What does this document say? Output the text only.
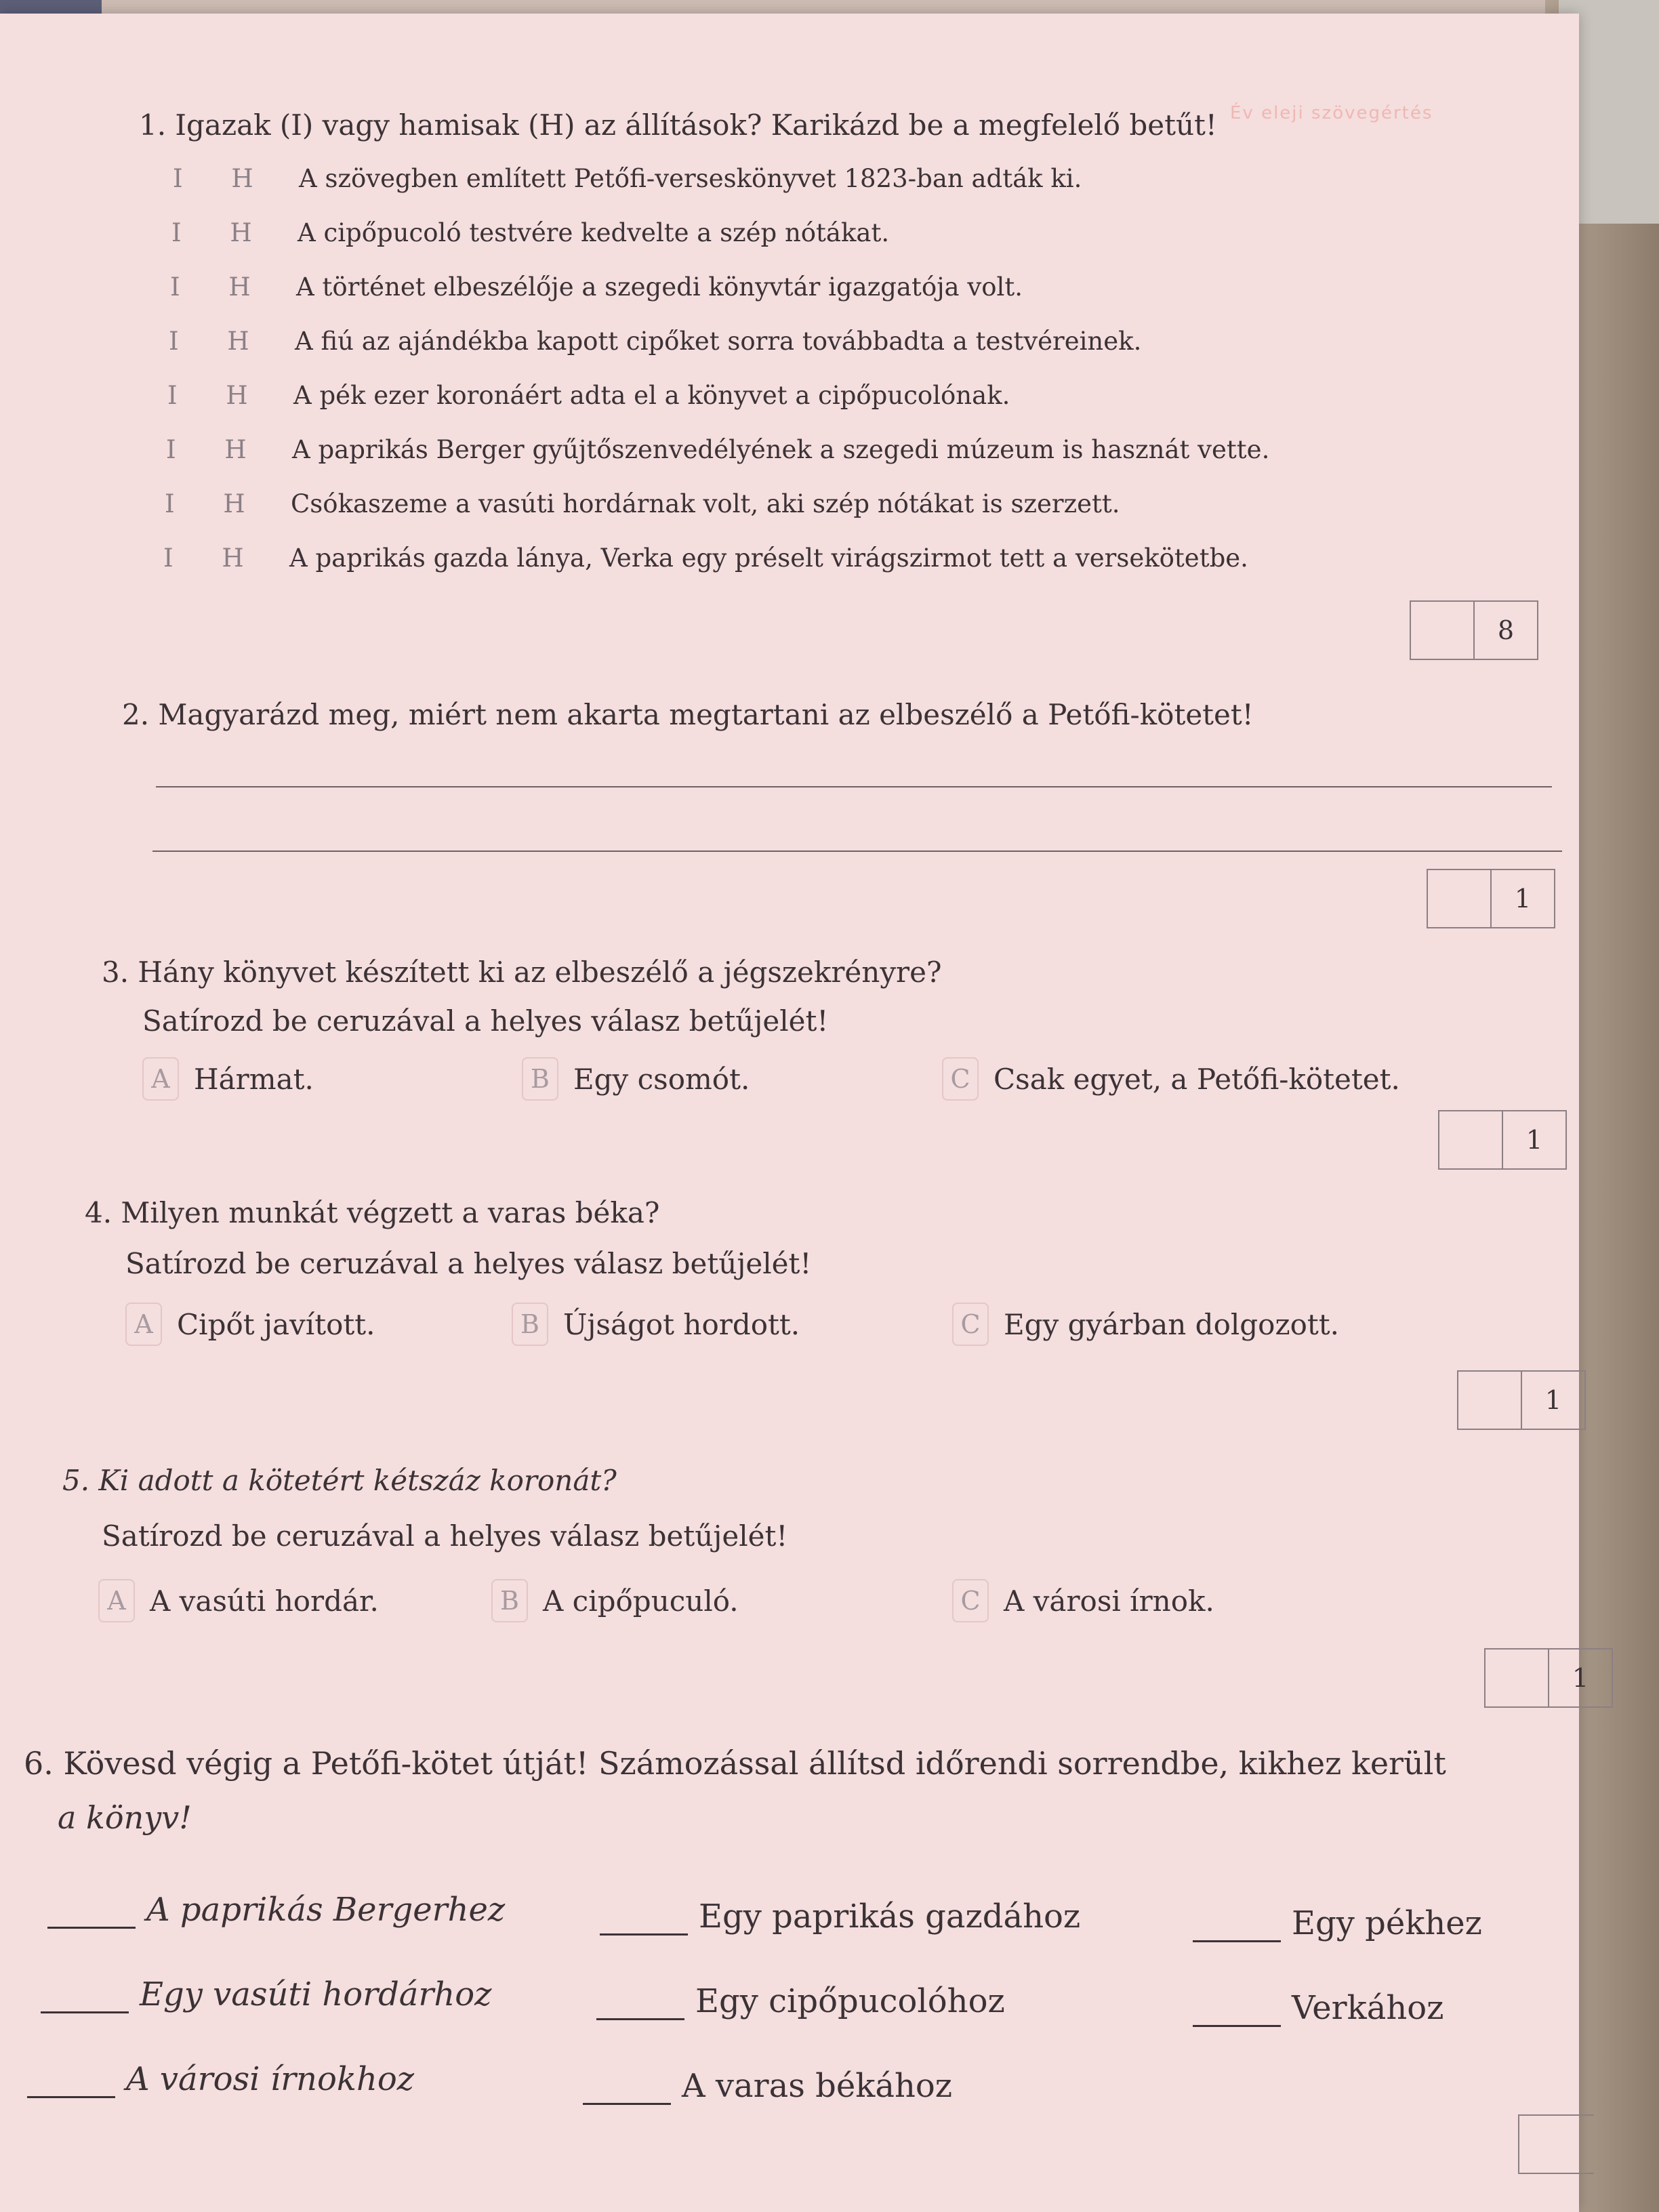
Év eleji szövegértés
1. Igazak (I) vagy hamisak (H) az állítások? Karikázd be a megfelelő betűt!
I H A szövegben említett Petőfi-verseskönyvet 1823-ban adták ki.
I H A cipőpucoló testvére kedvelte a szép nótákat.
I H A történet elbeszélője a szegedi könyvtár igazgatója volt.
I H A fiú az ajándékba kapott cipőket sorra továbbadta a testvéreinek.
I H A pék ezer koronáért adta el a könyvet a cipőpucolónak.
I H A paprikás Berger gyűjtőszenvedélyének a szegedi múzeum is hasznát vette.
I H Csókaszeme a vasúti hordárnak volt, aki szép nótákat is szerzett.
I H A paprikás gazda lánya, Verka egy préselt virágszirmot tett a versekötetbe.
8
2. Magyarázd meg, miért nem akarta megtartani az elbeszélő a Petőfi-kötetet!
1
3. Hány könyvet készített ki az elbeszélő a jégszekrényre?
Satírozd be ceruzával a helyes válasz betűjelét!
A Hármat.	B Egy csomót.	C Csak egyet, a Petőfi-kötetet.
1
4. Milyen munkát végzett a varas béka?
Satírozd be ceruzával a helyes válasz betűjelét!
A Cipőt javított.	B Újságot hordott.	C Egy gyárban dolgozott.
1
5. Ki adott a kötetért kétszáz koronát?
Satírozd be ceruzával a helyes válasz betűjelét!
A A vasúti hordár.	B A cipőpuculó.	C A városi írnok.
1
6. Kövesd végig a Petőfi-kötet útját! Számozással állítsd időrendi sorrendbe, kikhez került
a könyv!
A paprikás Bergerhez	Egy paprikás gazdához	Egy pékhez
Egy vasúti hordárhoz	Egy cipőpucolóhoz	Verkához
A városi írnokhoz	A varas békához
